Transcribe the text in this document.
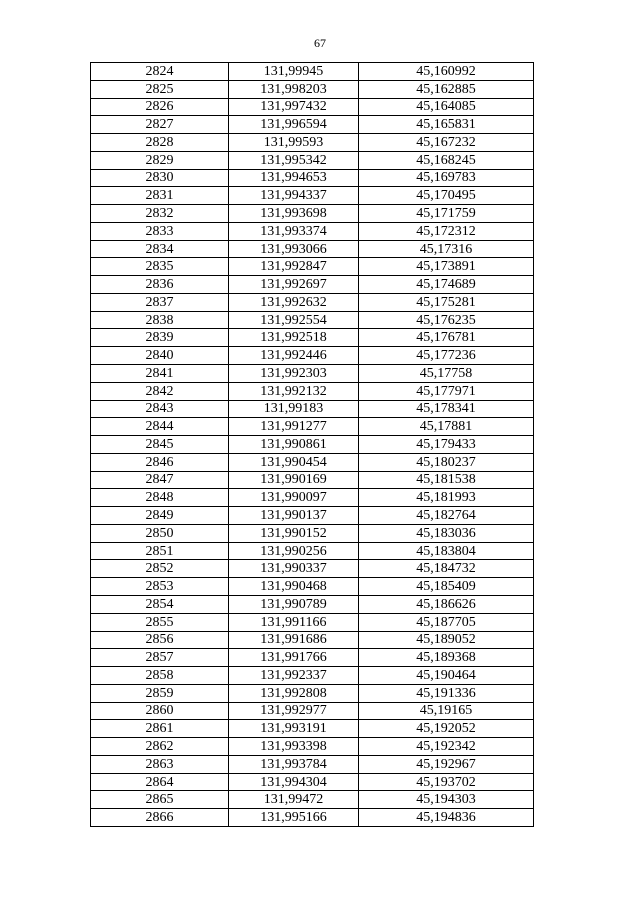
67
2824	131,99945	45,160992
2825	131,998203	45,162885
2826	131,997432	45,164085
2827	131,996594	45,165831
2828	131,99593	45,167232
2829	131,995342	45,168245
2830	131,994653	45,169783
2831	131,994337	45,170495
2832	131,993698	45,171759
2833	131,993374	45,172312
2834	131,993066	45,17316
2835	131,992847	45,173891
2836	131,992697	45,174689
2837	131,992632	45,175281
2838	131,992554	45,176235
2839	131,992518	45,176781
2840	131,992446	45,177236
2841	131,992303	45,17758
2842	131,992132	45,177971
2843	131,99183	45,178341
2844	131,991277	45,17881
2845	131,990861	45,179433
2846	131,990454	45,180237
2847	131,990169	45,181538
2848	131,990097	45,181993
2849	131,990137	45,182764
2850	131,990152	45,183036
2851	131,990256	45,183804
2852	131,990337	45,184732
2853	131,990468	45,185409
2854	131,990789	45,186626
2855	131,991166	45,187705
2856	131,991686	45,189052
2857	131,991766	45,189368
2858	131,992337	45,190464
2859	131,992808	45,191336
2860	131,992977	45,19165
2861	131,993191	45,192052
2862	131,993398	45,192342
2863	131,993784	45,192967
2864	131,994304	45,193702
2865	131,99472	45,194303
2866	131,995166	45,194836
